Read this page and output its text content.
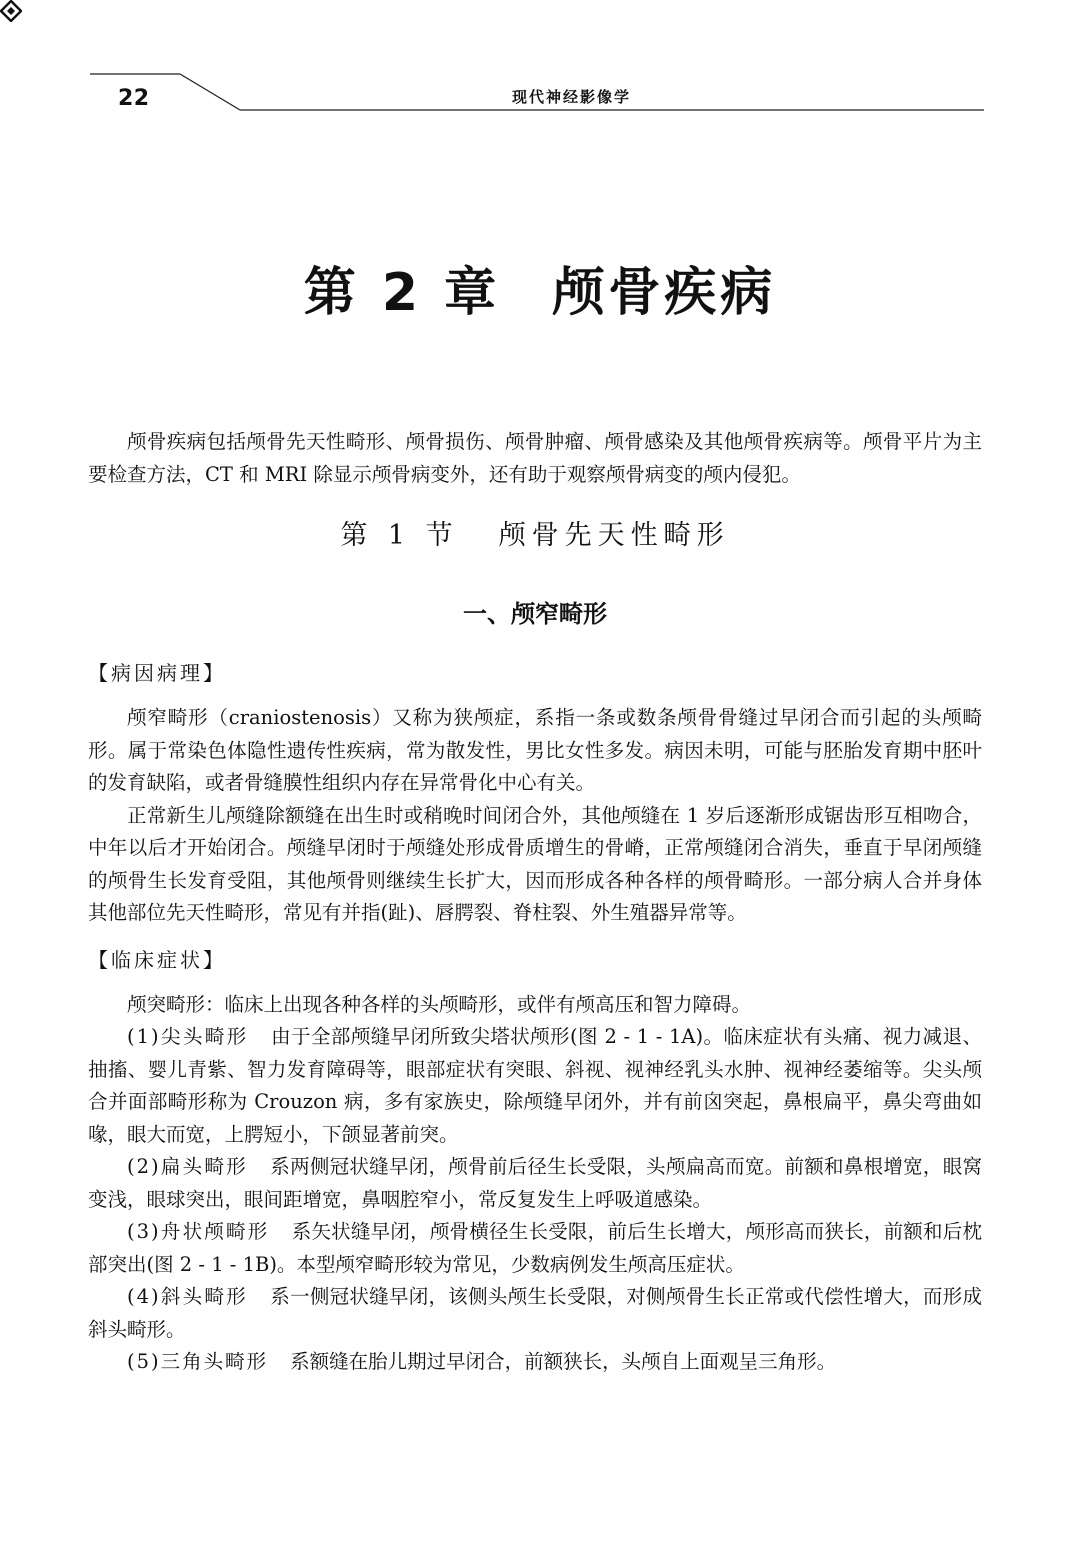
22	现代神经影像学
第 2 章 颅骨疾病

颅骨疾病包括颅骨先天性畸形、颅骨损伤、颅骨肿瘤、颅骨感染及其他颅骨疾病等。颅骨平片为主要检查方法，CT 和 MRI 除显示颅骨病变外，还有助于观察颅骨病变的颅内侵犯。

第 1 节 颅骨先天性畸形
一、颅窄畸形
【病因病理】

颅窄畸形（craniostenosis）又称为狭颅症，系指一条或数条颅骨骨缝过早闭合而引起的头颅畸形。属于常染色体隐性遗传性疾病，常为散发性，男比女性多发。病因未明，可能与胚胎发育期中胚叶的发育缺陷，或者骨缝膜性组织内存在异常骨化中心有关。

正常新生儿颅缝除额缝在出生时或稍晚时间闭合外，其他颅缝在 1 岁后逐渐形成锯齿形互相吻合，中年以后才开始闭合。颅缝早闭时于颅缝处形成骨质增生的骨嵴，正常颅缝闭合消失，垂直于早闭颅缝的颅骨生长发育受阻，其他颅骨则继续生长扩大，因而形成各种各样的颅骨畸形。一部分病人合并身体其他部位先天性畸形，常见有并指(趾)、唇腭裂、脊柱裂、外生殖器异常等。

【临床症状】

颅突畸形：临床上出现各种各样的头颅畸形，或伴有颅高压和智力障碍。

(1)尖头畸形 由于全部颅缝早闭所致尖塔状颅形(图 2 - 1 - 1A)。临床症状有头痛、视力减退、抽搐、婴儿青紫、智力发育障碍等，眼部症状有突眼、斜视、视神经乳头水肿、视神经萎缩等。尖头颅合并面部畸形称为 Crouzon 病，多有家族史，除颅缝早闭外，并有前囟突起，鼻根扁平，鼻尖弯曲如喙，眼大而宽，上腭短小，下颌显著前突。

(2)扁头畸形 系两侧冠状缝早闭，颅骨前后径生长受限，头颅扁高而宽。前额和鼻根增宽，眼窝变浅，眼球突出，眼间距增宽，鼻咽腔窄小，常反复发生上呼吸道感染。

(3)舟状颅畸形 系矢状缝早闭，颅骨横径生长受限，前后生长增大，颅形高而狭长，前额和后枕部突出(图 2 - 1 - 1B)。本型颅窄畸形较为常见，少数病例发生颅高压症状。

(4)斜头畸形 系一侧冠状缝早闭，该侧头颅生长受限，对侧颅骨生长正常或代偿性增大，而形成斜头畸形。

(5)三角头畸形 系额缝在胎儿期过早闭合，前额狭长，头颅自上面观呈三角形。
